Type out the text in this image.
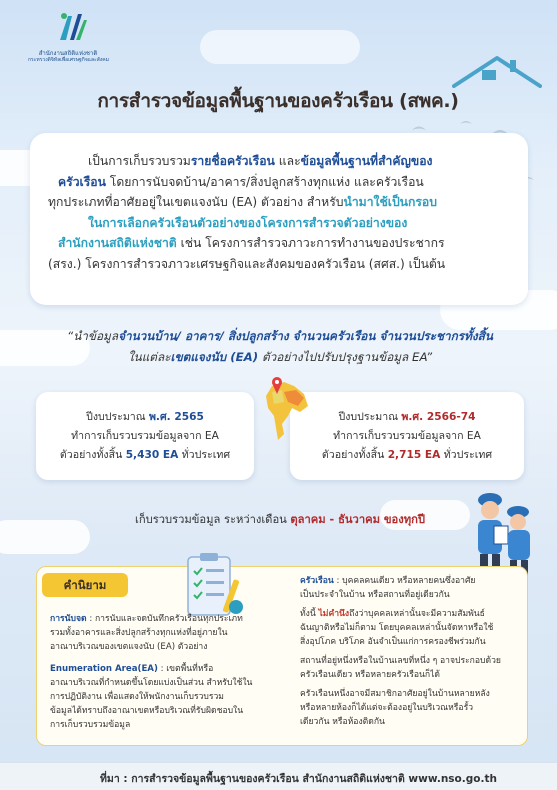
สำนักงานสถิติแห่งชาติ
กระทรวงดิจิทัลเพื่อเศรษฐกิจและสังคม
การสำรวจข้อมูลพื้นฐานของครัวเรือน (สพค.)
เป็นการเก็บรวบรวมรายชื่อครัวเรือน และข้อมูลพื้นฐานที่สำคัญของ
ครัวเรือน โดยการนับจดบ้าน/อาคาร/สิ่งปลูกสร้างทุกแห่ง และครัวเรือน
ทุกประเภทที่อาศัยอยู่ในเขตแจงนับ (EA) ตัวอย่าง สำหรับนำมาใช้เป็นกรอบ
ในการเลือกครัวเรือนตัวอย่างของโครงการสำรวจตัวอย่างของ
สำนักงานสถิติแห่งชาติ เช่น โครงการสำรวจภาวะการทำงานของประชากร
(สรง.) โครงการสำรวจภาวะเศรษฐกิจและสังคมของครัวเรือน (สศส.) เป็นต้น
“นำข้อมูลจำนวนบ้าน/ อาคาร/ สิ่งปลูกสร้าง จำนวนครัวเรือน จำนวนประชากรทั้งสิ้น
ในแต่ละเขตแจงนับ (EA) ตัวอย่างไปปรับปรุงฐานข้อมูล EA”
ปีงบประมาณ พ.ศ. 2565
ทำการเก็บรวบรวมข้อมูลจาก EA
ตัวอย่างทั้งสิ้น 5,430 EA ทั่วประเทศ
ปีงบประมาณ พ.ศ. 2566-74
ทำการเก็บรวบรวมข้อมูลจาก EA
ตัวอย่างทั้งสิ้น 2,715 EA ทั่วประเทศ
เก็บรวบรวมข้อมูล ระหว่างเดือน ตุลาคม - ธันวาคม ของทุกปี
คำนิยาม
การนับจด : การนับและจดบันทึกครัวเรือนทุกประเภท
รวมทั้งอาคารและสิ่งปลูกสร้างทุกแห่งที่อยู่ภายใน
อาณาบริเวณของเขตแจงนับ (EA) ตัวอย่าง
Enumeration Area(EA) : เขตพื้นที่หรือ
อาณาบริเวณที่กำหนดขึ้นโดยแบ่งเป็นส่วน สำหรับใช้ใน
การปฏิบัติงาน เพื่อแสดงให้พนักงานเก็บรวบรวม
ข้อมูลได้ทราบถึงอาณาเขตหรือบริเวณที่รับผิดชอบใน
การเก็บรวบรวมข้อมูล
ครัวเรือน : บุคคลคนเดียว หรือหลายคนซึ่งอาศัย
เป็นประจำในบ้าน หรือสถานที่อยู่เดียวกัน
ทั้งนี้ ไม่คำนึงถึงว่าบุคคลเหล่านั้นจะมีความสัมพันธ์
ฉันญาติหรือไม่ก็ตาม โดยบุคคลเหล่านั้นจัดหาหรือใช้
สิ่งอุปโภค บริโภค อันจำเป็นแก่การครองชีพร่วมกัน
สถานที่อยู่หนึ่งหรือในบ้านเลขที่หนึ่ง ๆ อาจประกอบด้วย
ครัวเรือนเดียว หรือหลายครัวเรือนก็ได้
ครัวเรือนหนึ่งอาจมีสมาชิกอาศัยอยู่ในบ้านหลายหลัง
หรือหลายห้องก็ได้แต่จะต้องอยู่ในบริเวณหรือรั้ว
เดียวกัน หรือห้องติดกัน
ที่มา : การสำรวจข้อมูลพื้นฐานของครัวเรือน สำนักงานสถิติแห่งชาติ www.nso.go.th
